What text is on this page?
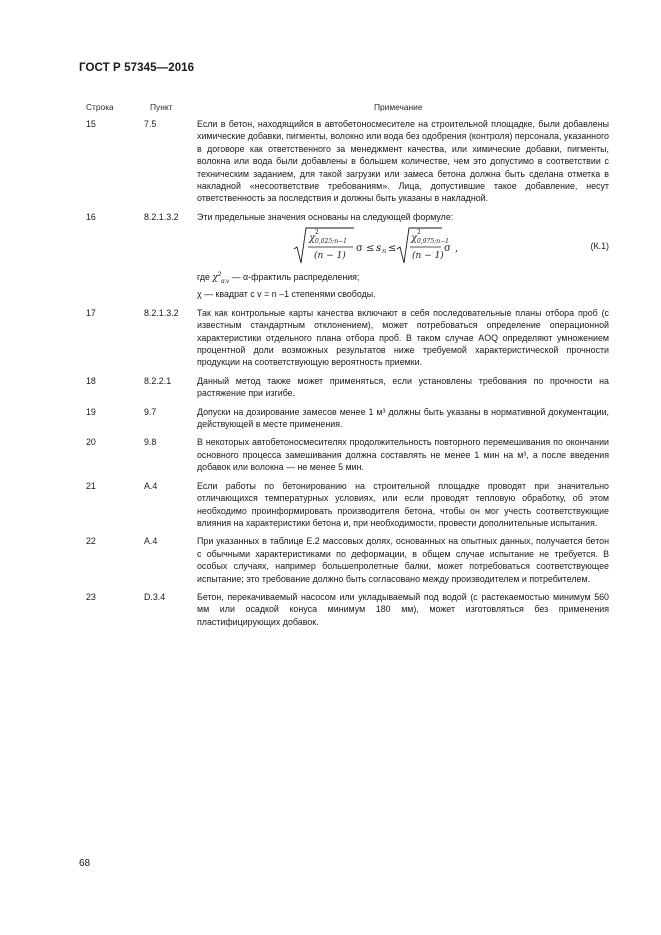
ГОСТ Р 57345—2016
Строка	Пункт	Примечание
15	7.5	Если в бетон, находящийся в автобетоносмесителе на строительной площадке, были добавлены химические добавки, пигменты, волокно или вода без одобрения (контроля) персонала, указанного в договоре как ответственного за менеджмент качества, или химические добавки, пигменты, волокна или вода были добавлены в большем количестве, чем это допустимо в соответствии с техническим заданием, для такой загрузки или замеса бетона должна быть сделана отметка в накладной «несоответствие требованиям». Лица, допустившие такое добавление, несут ответственность за последствия и должны быть указаны в накладной.

16	8.2.1.3.2 Эти предельные значения основаны на следующей формуле:

χ
2
0,025;n−1
(n − 1)
σ ≤ s n ≤
χ
2
0,975;n−1
(n − 1)
σ ,	(К.1)

где $\chi^2_{\alpha,\nu}$ — α-фрактиль распределения;

χ — квадрат с v = n –1 степенями свободы.

17	8.2.1.3.2 Так как контрольные карты качества включают в себя последовательные планы отбора проб (с известным стандартным отклонением), может потребоваться определение операционной характеристики отдельного плана отбора проб. В таком случае AOQ определяют умножением процентной доли возможных результатов ниже требуемой характеристической прочности продукции на соответствующую вероятность приемки.

18	8.2.2.1	Данный метод также может применяться, если установлены требования по прочности на растяжение при изгибе.

19	9.7	Допуски на дозирование замесов менее 1 м³ должны быть указаны в нормативной документации, действующей в месте применения.

20	9.8	В некоторых автобетоносмесителях продолжительность повторного перемешивания по окончании основного процесса замешивания должна составлять не менее 1 мин на м³, а после введения добавок или волокна — не менее 5 мин.

21	А.4	Если работы по бетонированию на строительной площадке проводят при значительно отличающихся температурных условиях, или если проводят тепловую обработку, об этом необходимо проинформировать производителя бетона, чтобы он мог учесть соответствующие влияния на характеристики бетона и, при необходимости, провести дополнительные испытания.

22	А.4	При указанных в таблице Е.2 массовых долях, основанных на опытных данных, получается бетон с обычными характеристиками по деформации, в общем случае испытание не требуется. В особых случаях, например большепролетные балки, может потребоваться соответствующее испытание; это требование должно быть согласовано между производителем и потребителем.

23	D.3.4	Бетон, перекачиваемый насосом или укладываемый под водой (с растекаемостью минимум 560 мм или осадкой конуса минимум 180 мм), может изготовляться без применения пластифицирующих добавок.

68
